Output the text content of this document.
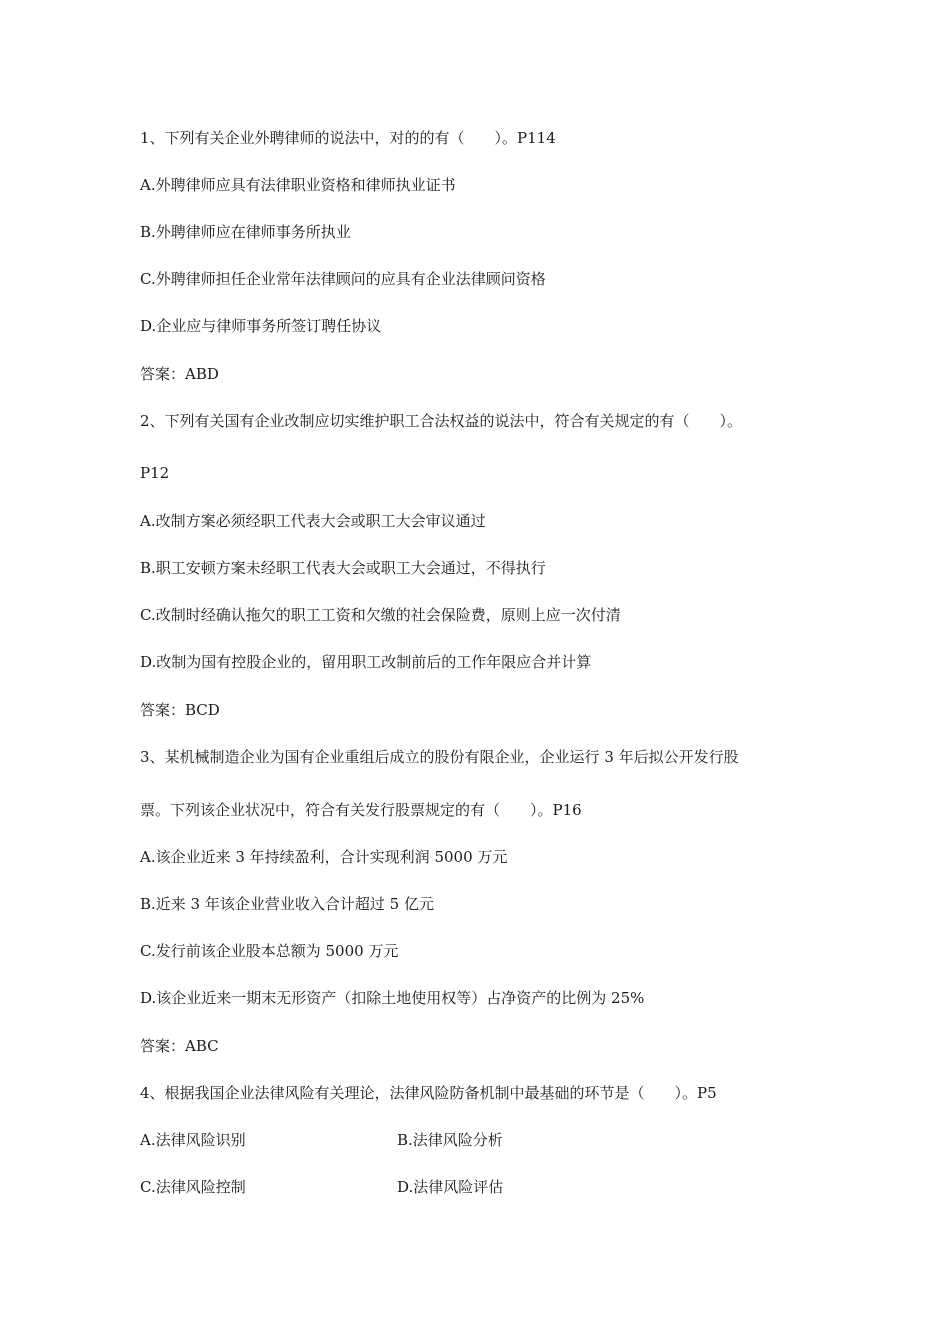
1、下列有关企业外聘律师的说法中，对的的有（　　）。P114
A.外聘律师应具有法律职业资格和律师执业证书
B.外聘律师应在律师事务所执业
C.外聘律师担任企业常年法律顾问的应具有企业法律顾问资格
D.企业应与律师事务所签订聘任协议
答案：ABD
2、下列有关国有企业改制应切实维护职工合法权益的说法中，符合有关规定的有（　　）。
P12
A.改制方案必须经职工代表大会或职工大会审议通过
B.职工安顿方案未经职工代表大会或职工大会通过，不得执行
C.改制时经确认拖欠的职工工资和欠缴的社会保险费，原则上应一次付清
D.改制为国有控股企业的，留用职工改制前后的工作年限应合并计算
答案：BCD
3、某机械制造企业为国有企业重组后成立的股份有限企业，企业运行 3 年后拟公开发行股
票。下列该企业状况中，符合有关发行股票规定的有（　　）。P16
A.该企业近来 3 年持续盈利，合计实现利润 5000 万元
B.近来 3 年该企业营业收入合计超过 5 亿元
C.发行前该企业股本总额为 5000 万元
D.该企业近来一期末无形资产（扣除土地使用权等）占净资产的比例为 25%
答案：ABC
4、根据我国企业法律风险有关理论，法律风险防备机制中最基础的环节是（　　）。P5
A.法律风险识别	B.法律风险分析
C.法律风险控制	D.法律风险评估
